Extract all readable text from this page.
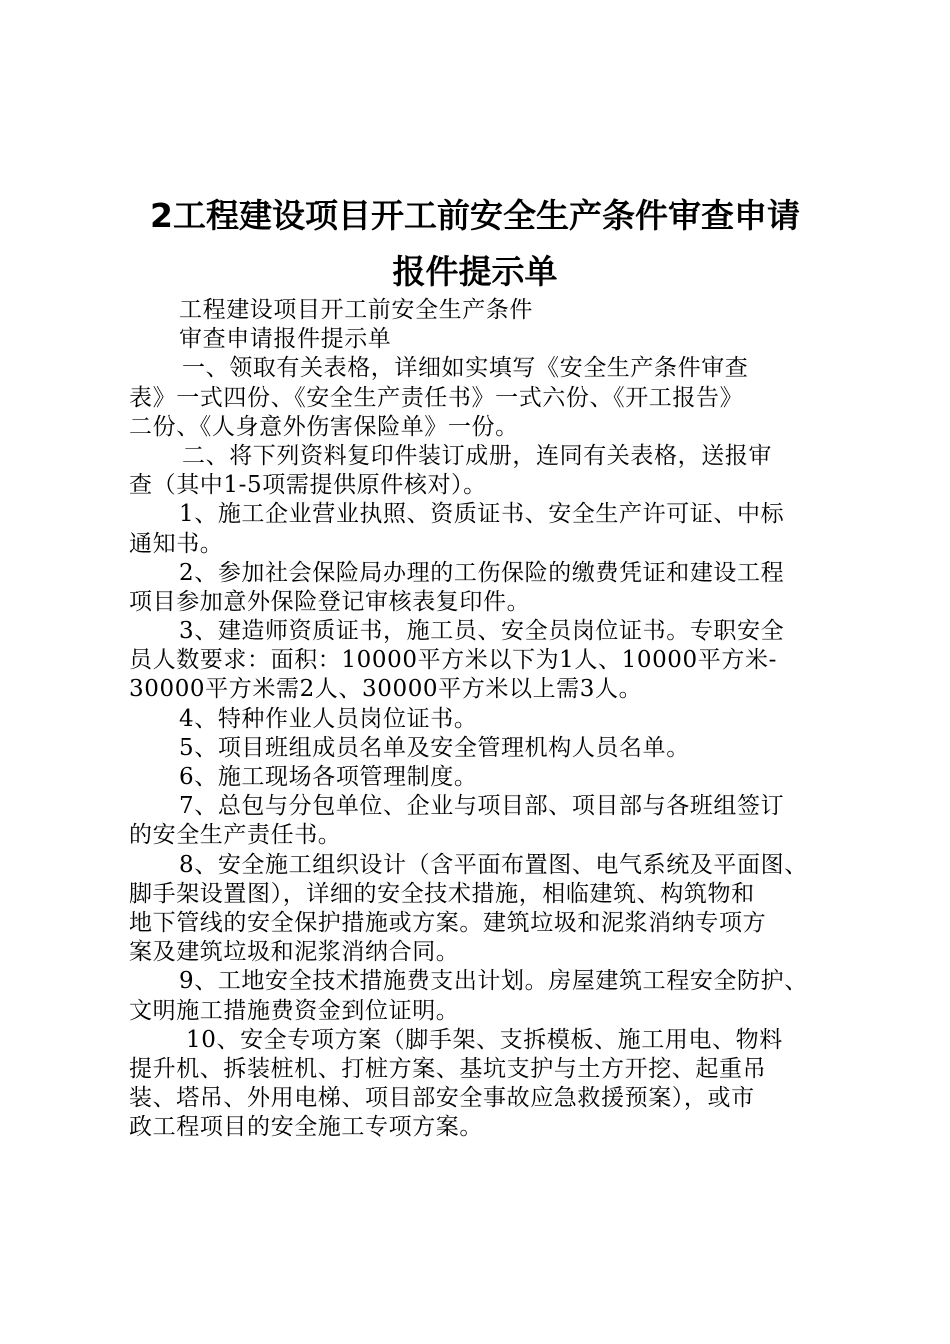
2工程建设项目开工前安全生产条件审查申请
报件提示单
工程建设项目开工前安全生产条件
审查申请报件提示单
一、领取有关表格，详细如实填写《安全生产条件审查
表》一式四份、《安全生产责任书》一式六份、《开工报告》
二份、《人身意外伤害保险单》一份。
二、将下列资料复印件装订成册，连同有关表格，送报审
查（其中1-5项需提供原件核对）。
1、施工企业营业执照、资质证书、安全生产许可证、中标
通知书。
2、参加社会保险局办理的工伤保险的缴费凭证和建设工程
项目参加意外保险登记审核表复印件。
3、建造师资质证书，施工员、安全员岗位证书。专职安全
员人数要求：面积：10000平方米以下为1人、10000平方米-
30000平方米需2人、30000平方米以上需3人。
4、特种作业人员岗位证书。
5、项目班组成员名单及安全管理机构人员名单。
6、施工现场各项管理制度。
7、总包与分包单位、企业与项目部、项目部与各班组签订
的安全生产责任书。
8、安全施工组织设计（含平面布置图、电气系统及平面图、
脚手架设置图），详细的安全技术措施，相临建筑、构筑物和
地下管线的安全保护措施或方案。建筑垃圾和泥浆消纳专项方
案及建筑垃圾和泥浆消纳合同。
9、工地安全技术措施费支出计划。房屋建筑工程安全防护、
文明施工措施费资金到位证明。
10、安全专项方案（脚手架、支拆模板、施工用电、物料
提升机、拆装桩机、打桩方案、基坑支护与土方开挖、起重吊
装、塔吊、外用电梯、项目部安全事故应急救援预案），或市
政工程项目的安全施工专项方案。
